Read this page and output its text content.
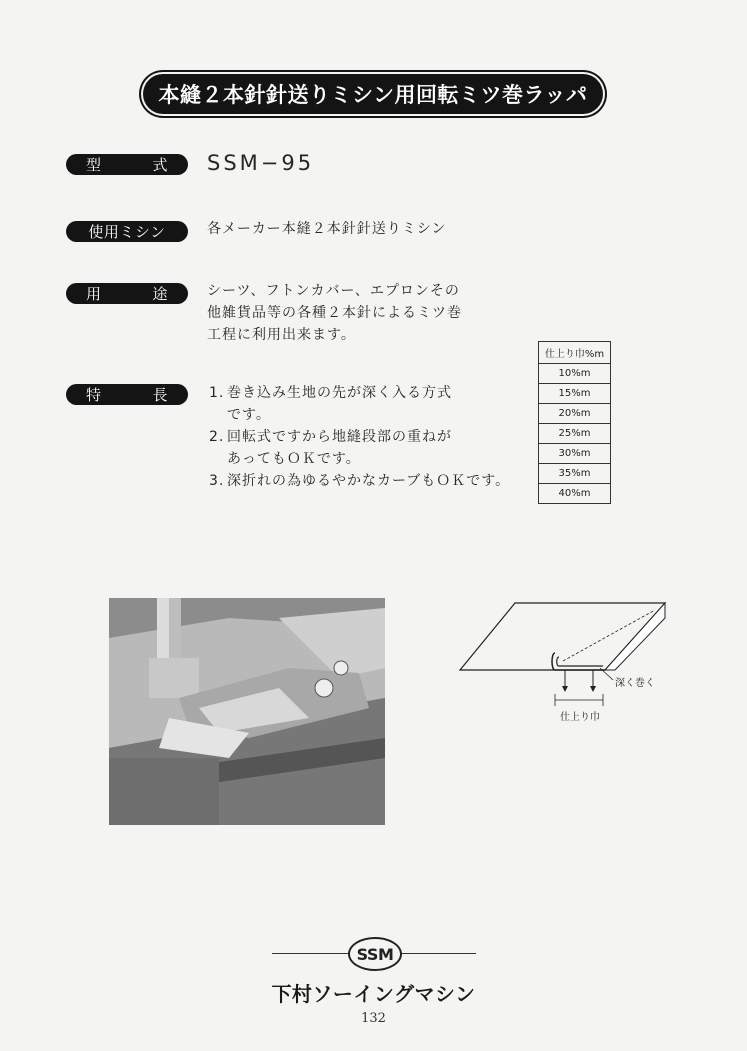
本縫２本針針送りミシン用回転ミツ巻ラッパ
型	式 SSM−95
使用ミシン	各メーカー本縫２本針針送りミシン
用	途	シーツ、フトンカバー、エプロンその
他雑貨品等の各種２本針によるミツ巻
工程に利用出来ます。
特	長	1. 巻き込み生地の先が深く入る方式
です。
2. 回転式ですから地縫段部の重ねが
あってもＯＫです。
3. 深折れの為ゆるやかなカーブもＯＫです。
仕上り巾%m
10%m
15%m
20%m
25%m
30%m
35%m
40%m
深く巻く
仕上り巾
SSM
下村ソーイングマシン
132
